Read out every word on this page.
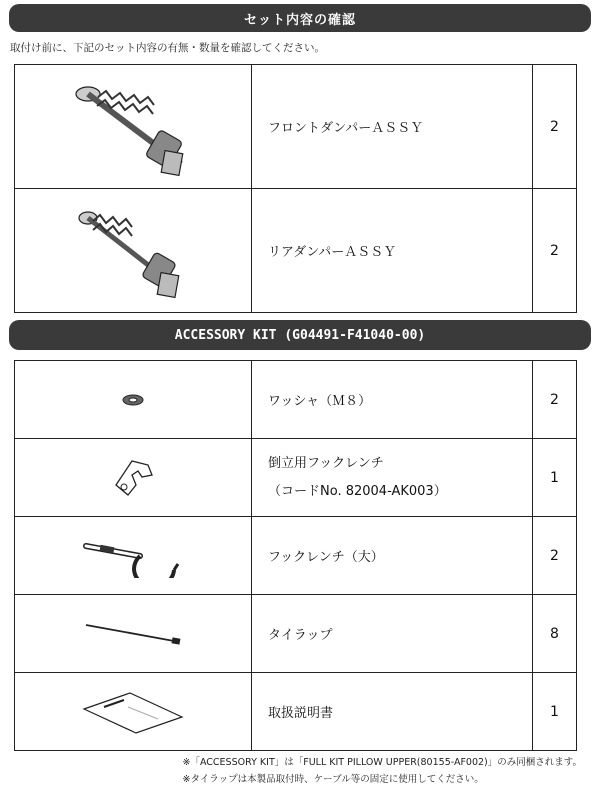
セット内容の確認
取付け前に、下記のセット内容の有無・数量を確認してください。
	フロントダンパーＡＳＳＹ	2

	リアダンパーＡＳＳＹ	2
ACCESSORY KIT (G04491-F41040-00)
	ワッシャ（Ｍ８）	2

倒立用フックレンチ
（コードNo. 82004-AK003）	1

	フックレンチ（大）	2

	タイラップ	8

	取扱説明書	1
※「ACCESSORY KIT」は「FULL KIT PILLOW UPPER(80155-AF002)」のみ同梱されます。
※タイラップは本製品取付時、ケーブル等の固定に使用してください。
